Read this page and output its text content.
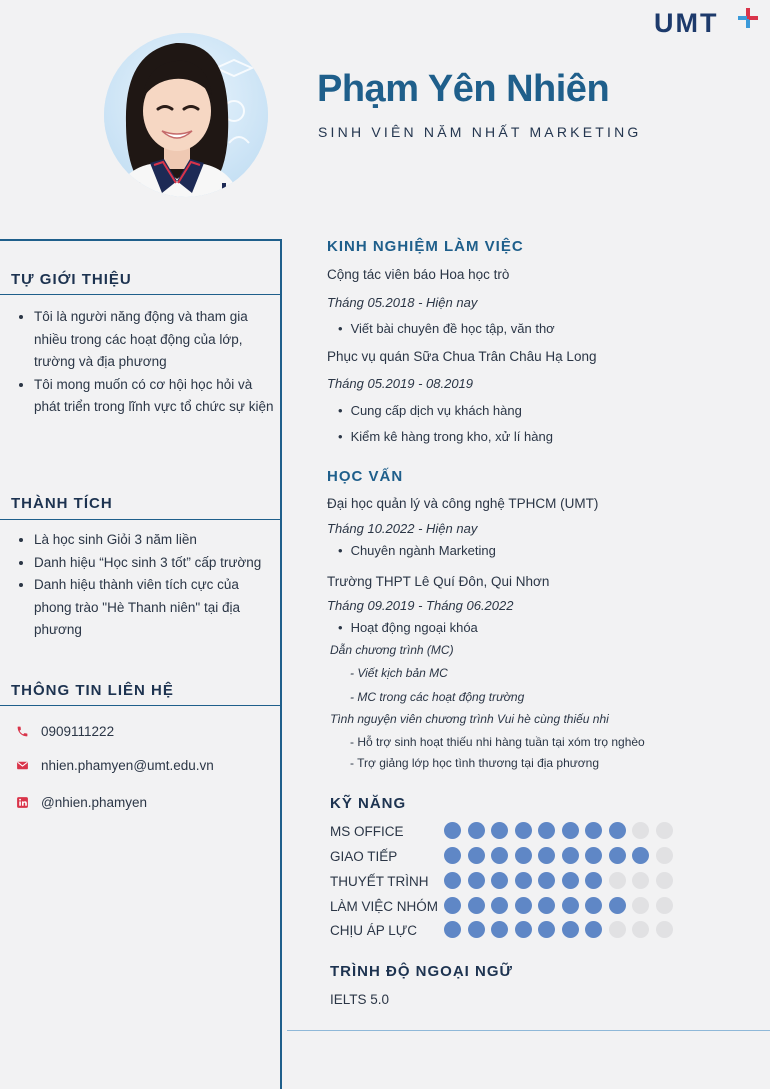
UMT
Phạm Yên Nhiên
SINH VIÊN NĂM NHẤT MARKETING
TỰ GIỚI THIỆU
• Tôi là người năng động và tham gia nhiều trong các hoạt động của lớp, trường và địa phương
• Tôi mong muốn có cơ hội học hỏi và phát triển trong lĩnh vực tổ chức sự kiện
THÀNH TÍCH
• Là học sinh Giỏi 3 năm liền
• Danh hiệu “Học sinh 3 tốt” cấp trường
• Danh hiệu thành viên tích cực của phong trào "Hè Thanh niên" tại địa phương
THÔNG TIN LIÊN HỆ
0909111222
nhien.phamyen@umt.edu.vn
@nhien.phamyen
KINH NGHIỆM LÀM VIỆC
Cộng tác viên báo Hoa học trò
Tháng 05.2018 - Hiện nay
• Viết bài chuyên đề học tập, văn thơ
Phục vụ quán Sữa Chua Trân Châu Hạ Long
Tháng 05.2019 - 08.2019
• Cung cấp dịch vụ khách hàng
• Kiểm kê hàng trong kho, xử lí hàng
HỌC VẤN
Đại học quản lý và công nghệ TPHCM (UMT)
Tháng 10.2022 - Hiện nay
• Chuyên ngành Marketing
Trường THPT Lê Quí Đôn, Qui Nhơn
Tháng 09.2019 - Tháng 06.2022
• Hoạt động ngoại khóa
Dẫn chương trình (MC)
- Viết kịch bản MC
- MC trong các hoạt động trường
Tình nguyện viên chương trình Vui hè cùng thiếu nhi
- Hỗ trợ sinh hoạt thiếu nhi hàng tuần tại xóm trọ nghèo
- Trợ giảng lớp học tình thương tại địa phương
KỸ NĂNG
MS OFFICE
GIAO TIẾP
THUYẾT TRÌNH
LÀM VIỆC NHÓM
CHỊU ÁP LỰC
TRÌNH ĐỘ NGOẠI NGỮ
IELTS 5.0
